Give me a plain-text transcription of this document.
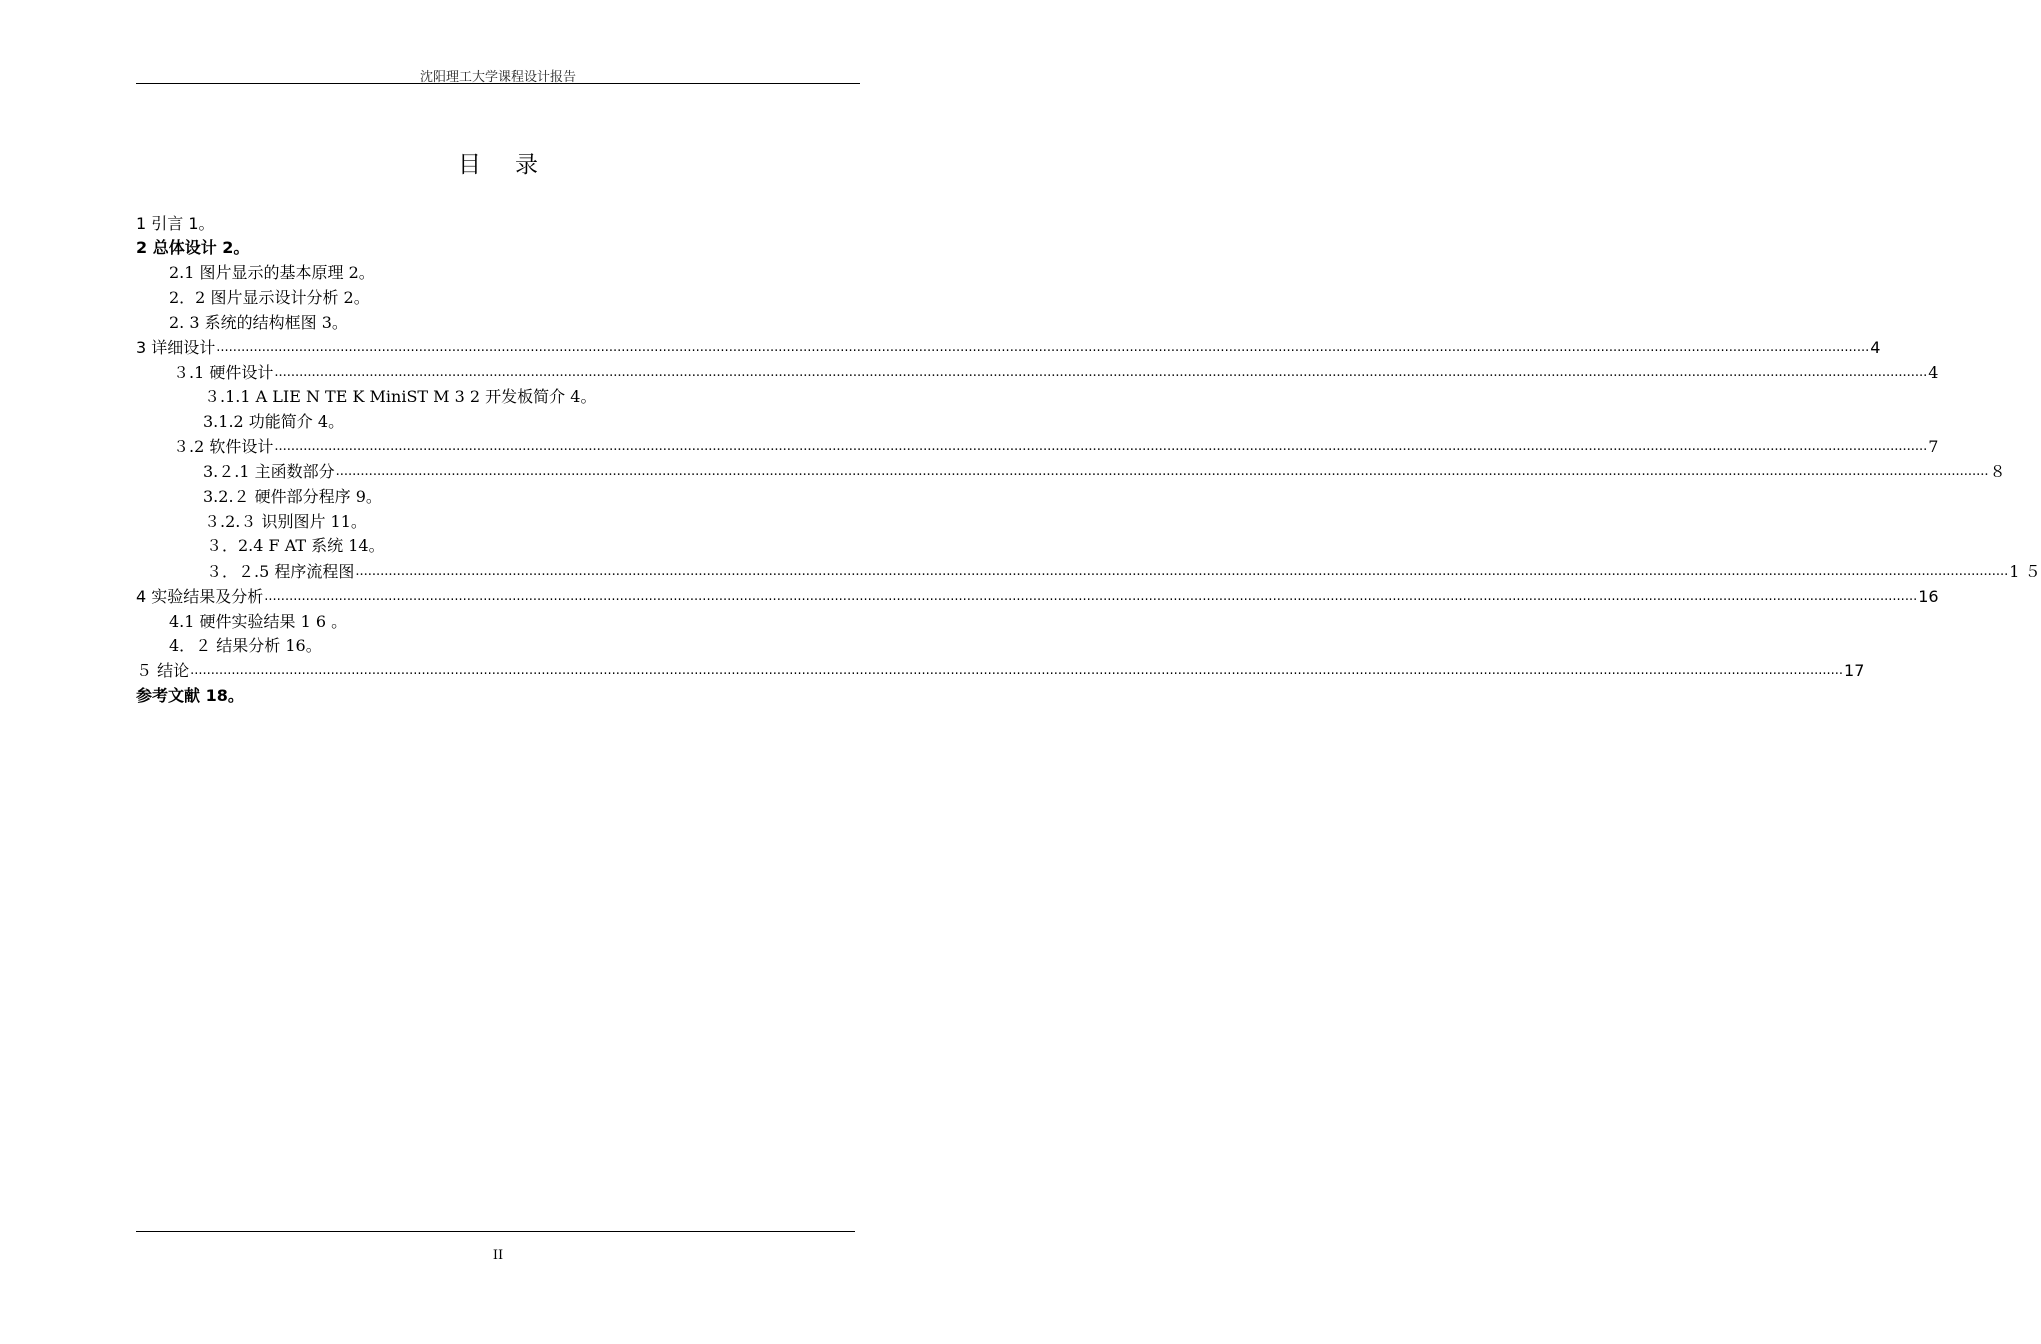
沈阳理工大学课程设计报告
目录
1 引言 1。
2 总体设计 2。
2.1 图片显示的基本原理 2。
2．2 图片显示设计分析 2。
2. 3 系统的结构框图 3。
3 详细设计 ................................................................................................................................................................................................................................................................................................................................................................................................................ 4
３.1 硬件设计 ................................................................................................................................................................................................................................................................................................................................................................................................................ 4
３.1.1 A LIE N TE K MiniST M 3 2 开发板简介 4。
3.1.2 功能简介 4。
３.2 软件设计 ................................................................................................................................................................................................................................................................................................................................................................................................................ 7
3.２.1 主函数部分 ................................................................................................................................................................................................................................................................................................................................................................................................................ ８
3.2.２ 硬件部分程序 9。
３.2.３ 识别图片 11。
３．2.4 F AT 系统 14。
３．２.5 程序流程图 ................................................................................................................................................................................................................................................................................................................................................................................................................ 1 ５
4 实验结果及分析 ................................................................................................................................................................................................................................................................................................................................................................................................................ 16
4.1 硬件实验结果 1 6 。
4．２ 结果分析 16。
５ 结论 ................................................................................................................................................................................................................................................................................................................................................................................................................ 17
参考文献 18。
II
